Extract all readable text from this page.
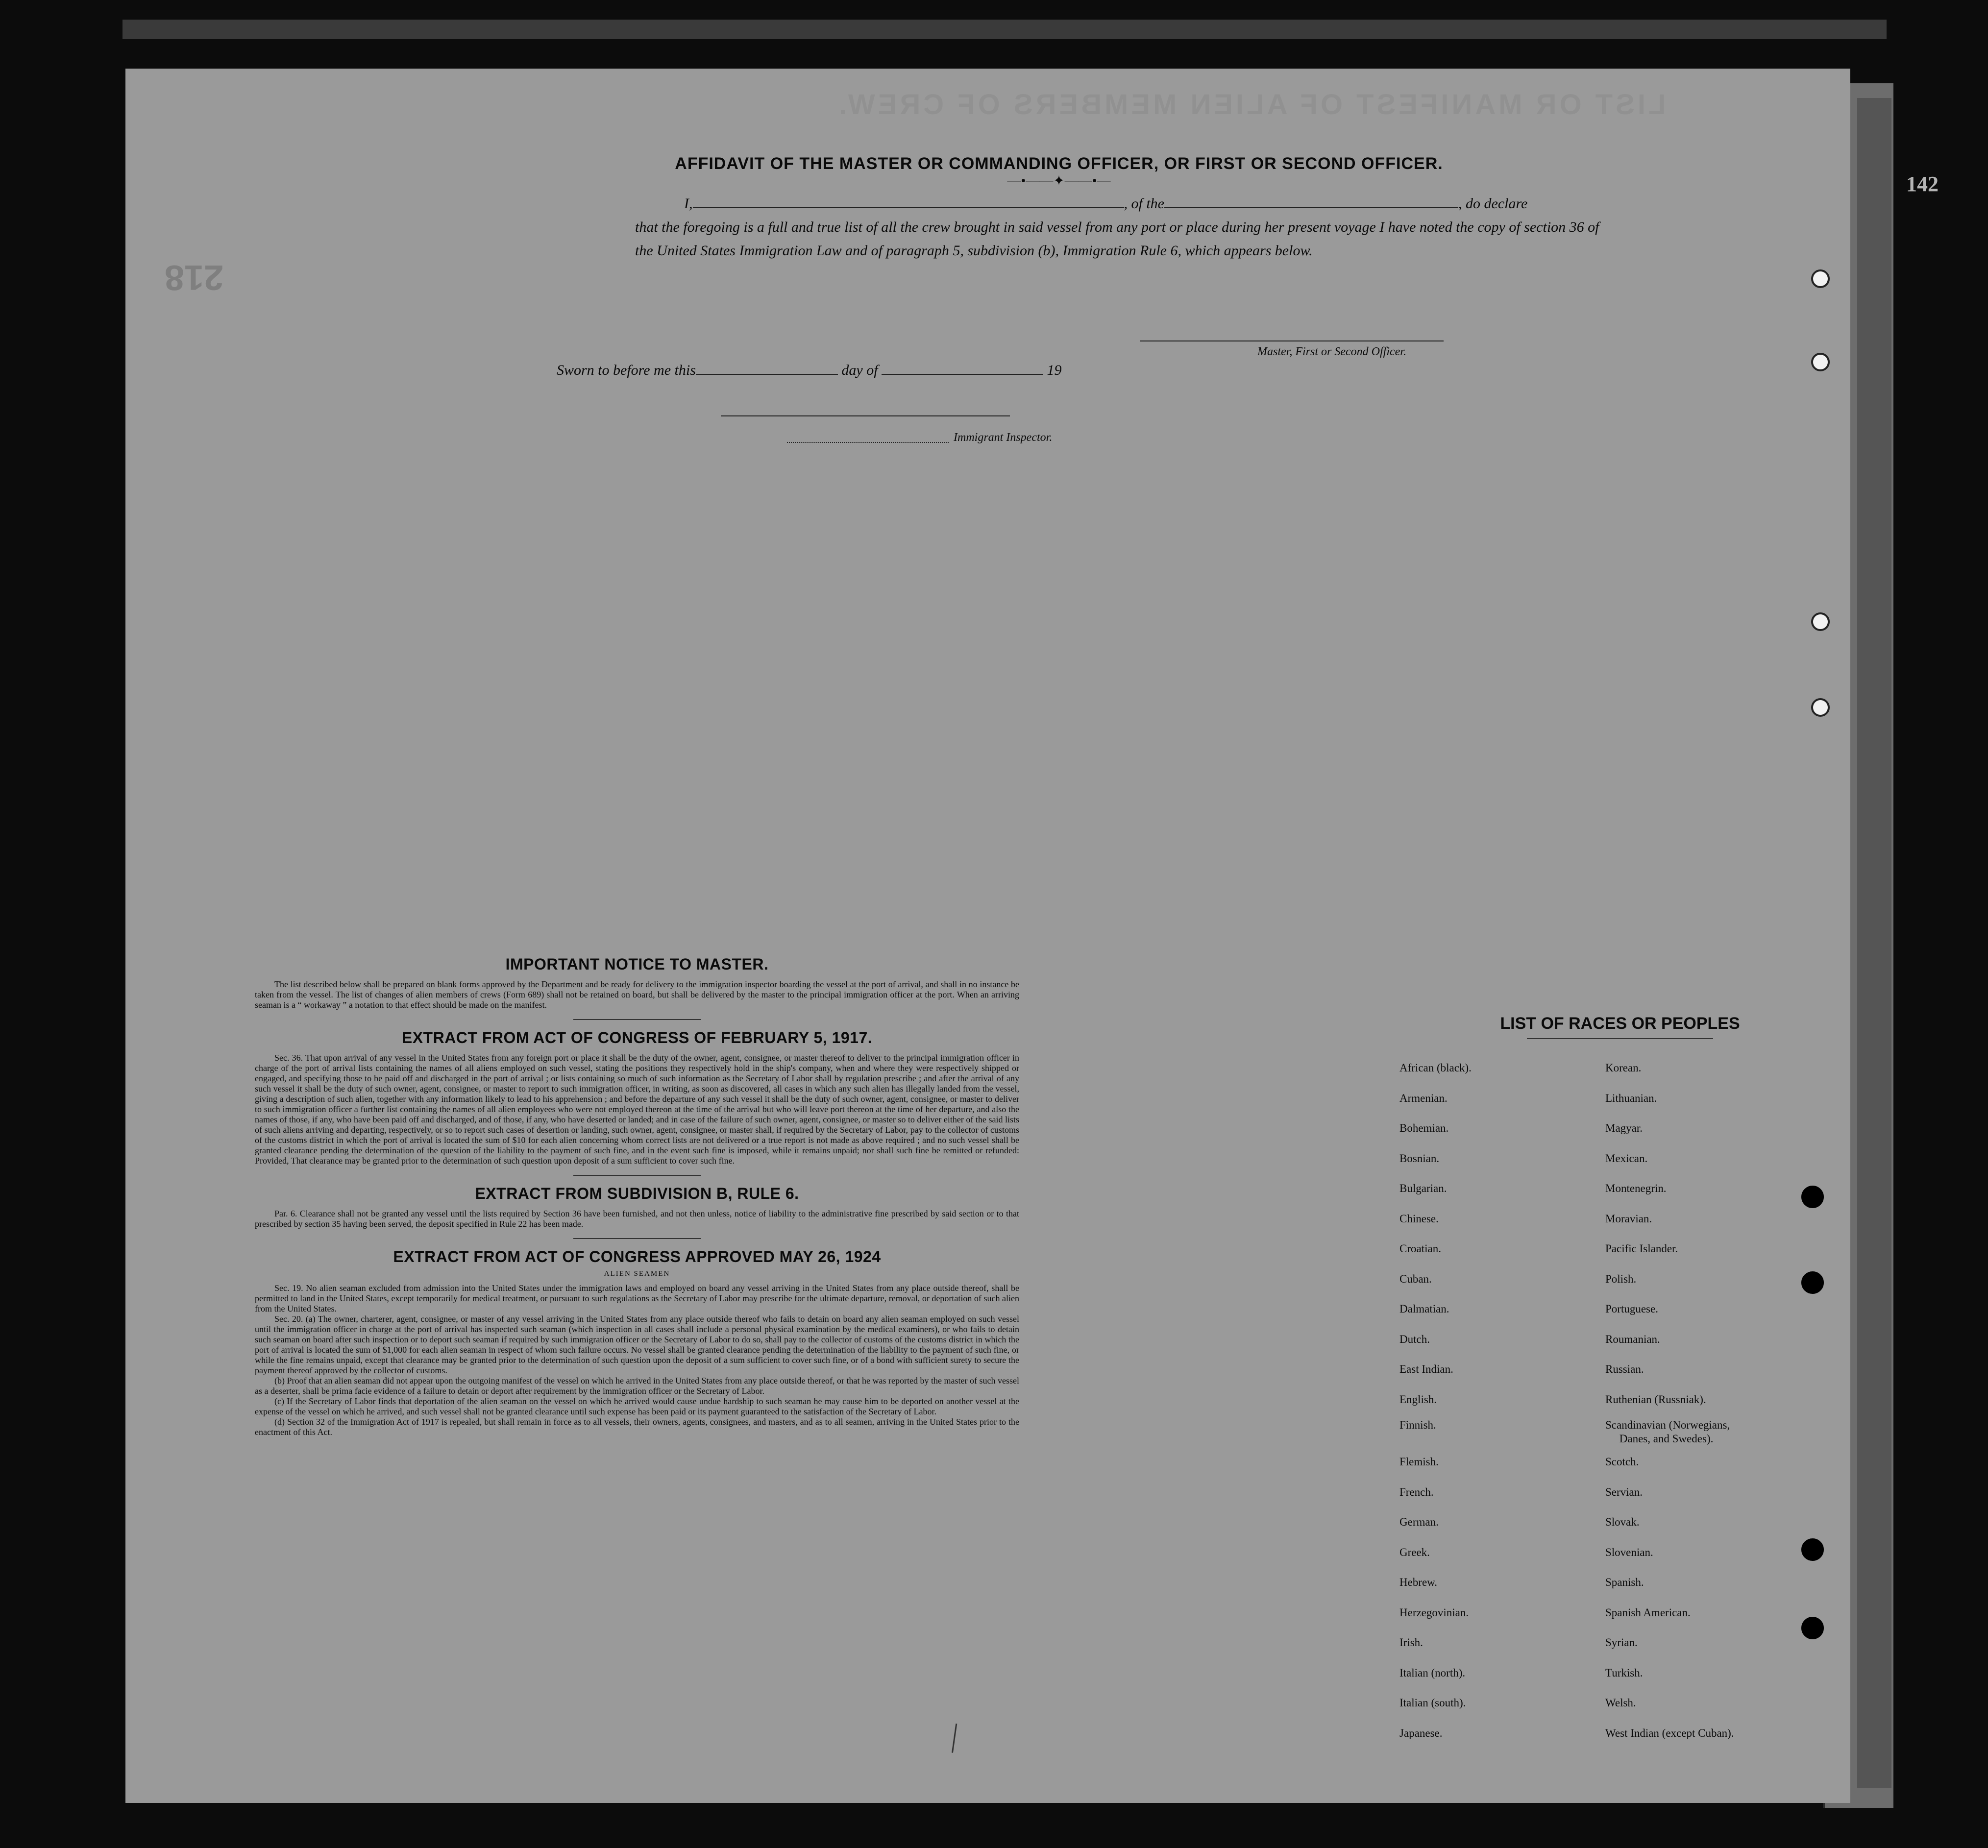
142
218
LIST OR MANIFEST OF ALIEN MEMBERS OF CREW.
AFFIDAVIT OF THE MASTER OR COMMANDING OFFICER, OR FIRST OR SECOND OFFICER.
—•——✦——•—
I,	, of the	, do declare
that the foregoing is a full and true list of all the crew brought in said vessel from any port or place during her present voyage I have noted the copy of section 36 of the United States Immigration Law and of paragraph 5, subdivision (b), Immigration Rule 6, which appears below.
Master, First or Second Officer.
Sworn to before me this	day of	19
Immigrant Inspector.
IMPORTANT NOTICE TO MASTER.

The list described below shall be prepared on blank forms approved by the Department and be ready for delivery to the immigration inspector boarding the vessel at the port of arrival, and shall in no instance be taken from the vessel. The list of changes of alien members of crews (Form 689) shall not be retained on board, but shall be delivered by the master to the principal immigration officer at the port. When an arriving seaman is a “ workaway ” a notation to that effect should be made on the manifest.

EXTRACT FROM ACT OF CONGRESS OF FEBRUARY 5, 1917.

Sec. 36. That upon arrival of any vessel in the United States from any foreign port or place it shall be the duty of the owner, agent, consignee, or master thereof to deliver to the principal immigration officer in charge of the port of arrival lists containing the names of all aliens employed on such vessel, stating the positions they respectively hold in the ship's company, when and where they were respectively shipped or engaged, and specifying those to be paid off and discharged in the port of arrival ; or lists containing so much of such information as the Secretary of Labor shall by regulation prescribe ; and after the arrival of any such vessel it shall be the duty of such owner, agent, consignee, or master to report to such immigration officer, in writing, as soon as discovered, all cases in which any such alien has illegally landed from the vessel, giving a description of such alien, together with any information likely to lead to his apprehension ; and before the departure of any such vessel it shall be the duty of such owner, agent, consignee, or master to deliver to such immigration officer a further list containing the names of all alien employees who were not employed thereon at the time of the arrival but who will leave port thereon at the time of her departure, and also the names of those, if any, who have been paid off and discharged, and of those, if any, who have deserted or landed; and in case of the failure of such owner, agent, consignee, or master so to deliver either of the said lists of such aliens arriving and departing, respectively, or so to report such cases of desertion or landing, such owner, agent, consignee, or master shall, if required by the Secretary of Labor, pay to the collector of customs of the customs district in which the port of arrival is located the sum of $10 for each alien concerning whom correct lists are not delivered or a true report is not made as above required ; and no such vessel shall be granted clearance pending the determination of the question of the liability to the payment of such fine, and in the event such fine is imposed, while it remains unpaid; nor shall such fine be remitted or refunded: Provided, That clearance may be granted prior to the determination of such question upon deposit of a sum sufficient to cover such fine.

EXTRACT FROM SUBDIVISION B, RULE 6.

Par. 6. Clearance shall not be granted any vessel until the lists required by Section 36 have been furnished, and not then unless, notice of liability to the administrative fine prescribed by said section or to that prescribed by section 35 having been served, the deposit specified in Rule 22 has been made.

EXTRACT FROM ACT OF CONGRESS APPROVED MAY 26, 1924
ALIEN SEAMEN

Sec. 19. No alien seaman excluded from admission into the United States under the immigration laws and employed on board any vessel arriving in the United States from any place outside thereof, shall be permitted to land in the United States, except temporarily for medical treatment, or pursuant to such regulations as the Secretary of Labor may prescribe for the ultimate departure, removal, or deportation of such alien from the United States.

Sec. 20. (a) The owner, charterer, agent, consignee, or master of any vessel arriving in the United States from any place outside thereof who fails to detain on board any alien seaman employed on such vessel until the immigration officer in charge at the port of arrival has inspected such seaman (which inspection in all cases shall include a personal physical examination by the medical examiners), or who fails to detain such seaman on board after such inspection or to deport such seaman if required by such immigration officer or the Secretary of Labor to do so, shall pay to the collector of customs of the customs district in which the port of arrival is located the sum of $1,000 for each alien seaman in respect of whom such failure occurs. No vessel shall be granted clearance pending the determination of the liability to the payment of such fine, or while the fine remains unpaid, except that clearance may be granted prior to the determination of such question upon the deposit of a sum sufficient to cover such fine, or of a bond with sufficient surety to secure the payment thereof approved by the collector of customs.

(b) Proof that an alien seaman did not appear upon the outgoing manifest of the vessel on which he arrived in the United States from any place outside thereof, or that he was reported by the master of such vessel as a deserter, shall be prima facie evidence of a failure to detain or deport after requirement by the immigration officer or the Secretary of Labor.

(c) If the Secretary of Labor finds that deportation of the alien seaman on the vessel on which he arrived would cause undue hardship to such seaman he may cause him to be deported on another vessel at the expense of the vessel on which he arrived, and such vessel shall not be granted clearance until such expense has been paid or its payment guaranteed to the satisfaction of the Secretary of Labor.

(d) Section 32 of the Immigration Act of 1917 is repealed, but shall remain in force as to all vessels, their owners, agents, consignees, and masters, and as to all seamen, arriving in the United States prior to the enactment of this Act.

LIST OF RACES OR PEOPLES
African (black).	Korean.
Armenian.	Lithuanian.
Bohemian.	Magyar.
Bosnian.	Mexican.
Bulgarian.	Montenegrin.
Chinese.	Moravian.
Croatian.	Pacific Islander.
Cuban.	Polish.
Dalmatian.	Portuguese.
Dutch.	Roumanian.
East Indian.	Russian.
English.	Ruthenian (Russniak).
Finnish.	Scandinavian (Norwegians,
Danes, and Swedes).
Flemish.	Scotch.
French.	Servian.
German.	Slovak.
Greek.	Slovenian.
Hebrew.	Spanish.
Herzegovinian.	Spanish American.
Irish.	Syrian.
Italian (north).	Turkish.
Italian (south).	Welsh.
Japanese.	West Indian (except Cuban).
